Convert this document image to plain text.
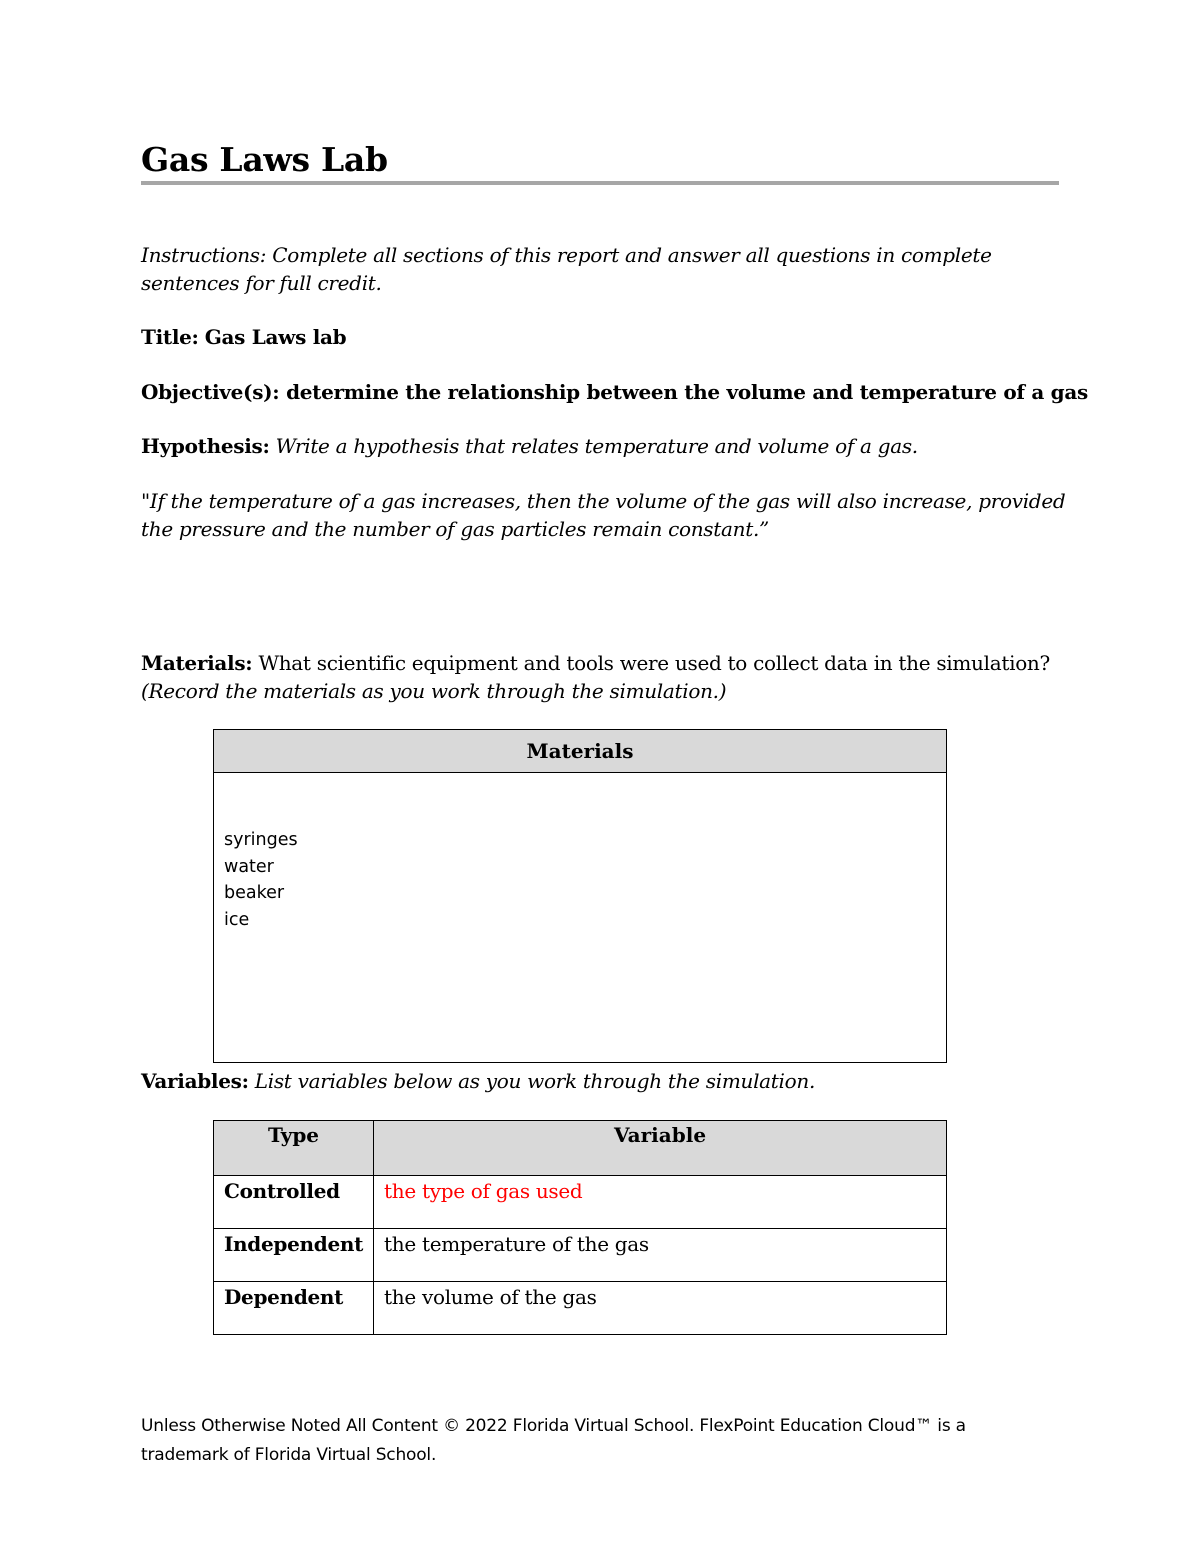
Gas Laws Lab
Instructions: Complete all sections of this report and answer all questions in complete sentences for full credit.
Title: Gas Laws lab
Objective(s): determine the relationship between the volume and temperature of a gas
Hypothesis: Write a hypothesis that relates temperature and volume of a gas.
"If the temperature of a gas increases, then the volume of the gas will also increase, provided the pressure and the number of gas particles remain constant.”
Materials: What scientific equipment and tools were used to collect data in the simulation?
(Record the materials as you work through the simulation.)
Materials

syringes
water
beaker
ice
Variables: List variables below as you work through the simulation.
Type	Variable
Controlled	the type of gas used
Independent	the temperature of the gas
Dependent	the volume of the gas
Unless Otherwise Noted All Content © 2022 Florida Virtual School. FlexPoint Education Cloud™ is a trademark of Florida Virtual School.
